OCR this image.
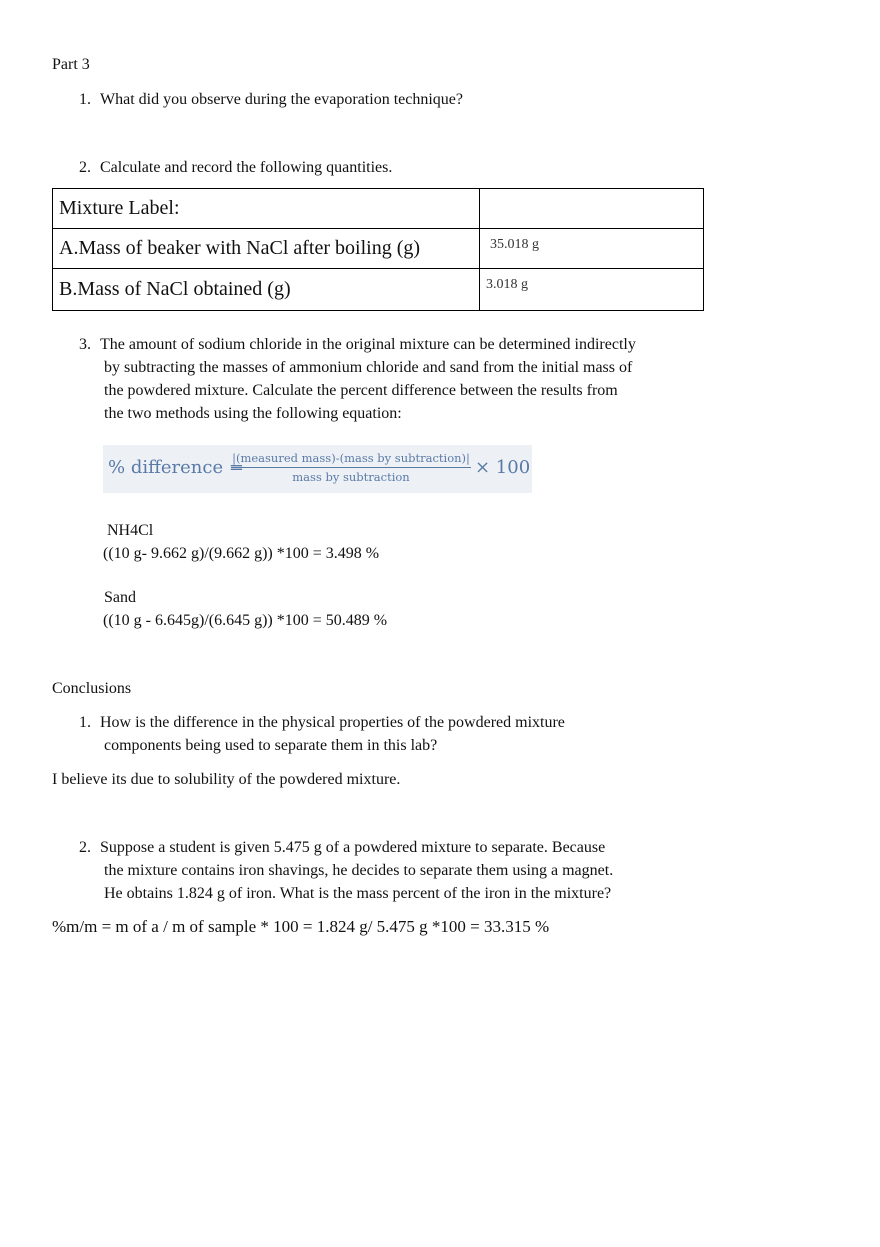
Part 3
1. What did you observe during the evaporation technique?
2. Calculate and record the following quantities.
Mixture Label:	
A.Mass of beaker with NaCl after boiling (g)	35.018 g
B.Mass of NaCl obtained (g)	3.018 g
3. The amount of sodium chloride in the original mixture can be determined indirectly
by subtracting the masses of ammonium chloride and sand from the initial mass of
the powdered mixture. Calculate the percent difference between the results from
the two methods using the following equation:
% difference =
|(measured mass)-(mass by subtraction)|
mass by subtraction	× 100
NH4Cl
((10 g- 9.662 g)/(9.662 g)) *100 = 3.498 %
Sand
((10 g - 6.645g)/(6.645 g)) *100 = 50.489 %
Conclusions
1. How is the difference in the physical properties of the powdered mixture
components being used to separate them in this lab?
I believe its due to solubility of the powdered mixture.
2. Suppose a student is given 5.475 g of a powdered mixture to separate. Because
the mixture contains iron shavings, he decides to separate them using a magnet.
He obtains 1.824 g of iron. What is the mass percent of the iron in the mixture?
%m/m = m of a / m of sample * 100 = 1.824 g/ 5.475 g *100 = 33.315 %
